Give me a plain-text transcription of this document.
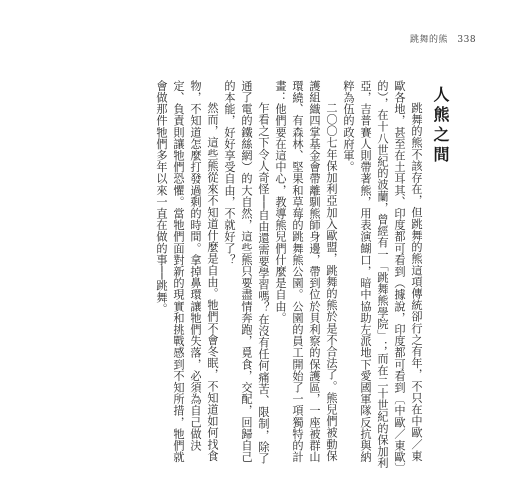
跳舞的熊 338
人熊之間

跳舞的熊不該存在，但跳舞的熊這項傳統卻行之有年，不只在中歐／東歐各地，甚至在土耳其、印度都可看到（據說，印度都可看到〔中歐／東歐〕的），在十八世紀的波蘭，曾經有一「跳舞熊學院」；而在二十世紀的保加利亞，吉普賽人則帶著熊，用表演餬口，暗中協助左派地下愛國軍隊反抗與納粹為伍的政府軍。

二〇〇七年保加利亞加入歐盟，跳舞的熊於是不合法了。熊兒們被動保護組織四掌基金會帶離馴熊師身邊，帶到位於貝利察的保護區，一座被群山環繞、有森林、堅果和草莓的跳舞熊公園。公園的員工開始了一項獨特的計畫：他們要在這中心，教導熊兒們什麼是自由。

乍看之下令人奇怪──自由還需要學習嗎？在沒有任何痛苦、限制，除了通了電的鐵絲網）的大自然，這些熊只要盡情奔跑，覓食，交配，回歸自己的本能，好好享受自由，不就好了？

然而，這些熊從來不知道什麼是自由。牠們不會冬眠，不知道如何找食物，不知道怎麼打發過剩的時間。拿掉鼻環讓牠們失落，必須為自己做決定、負責則讓牠們恐懼。當牠們面對新的現實和挑戰感到不知所措，牠們就會做那件牠們多年以來一直在做的事──跳舞。
